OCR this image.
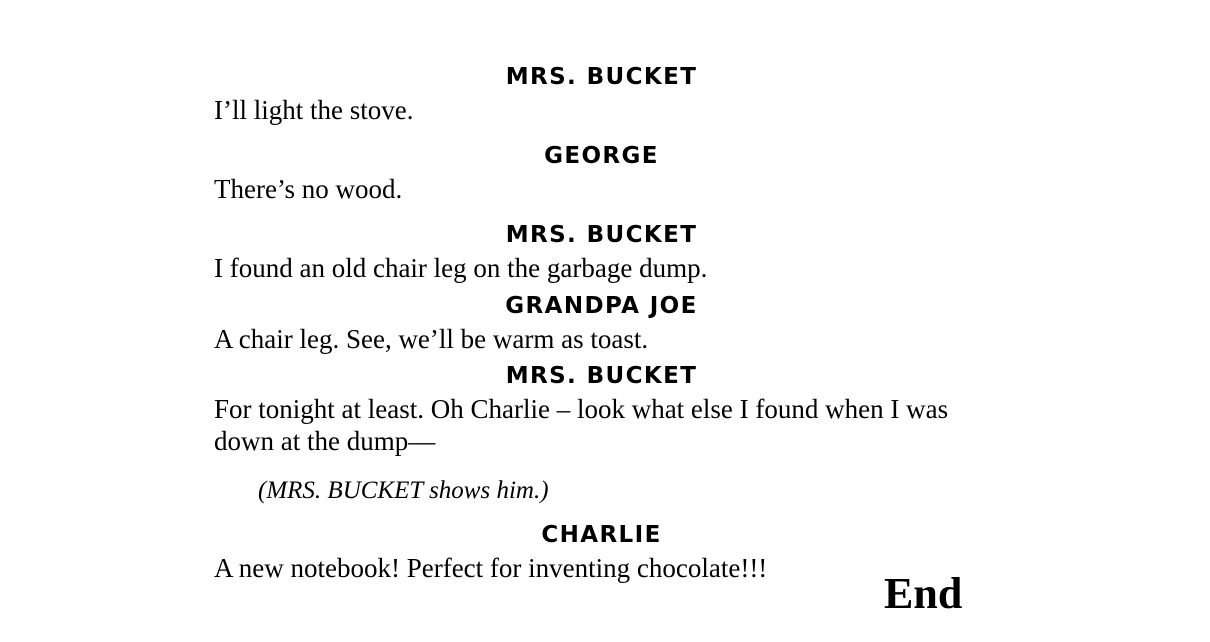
MRS. BUCKET
I’ll light the stove.
GEORGE
There’s no wood.
MRS. BUCKET
I found an old chair leg on the garbage dump.
GRANDPA JOE
A chair leg. See, we’ll be warm as toast.
MRS. BUCKET
For tonight at least. Oh Charlie – look what else I found when I was down at the dump—
(MRS. BUCKET shows him.)
CHARLIE
A new notebook! Perfect for inventing chocolate!!!
End
